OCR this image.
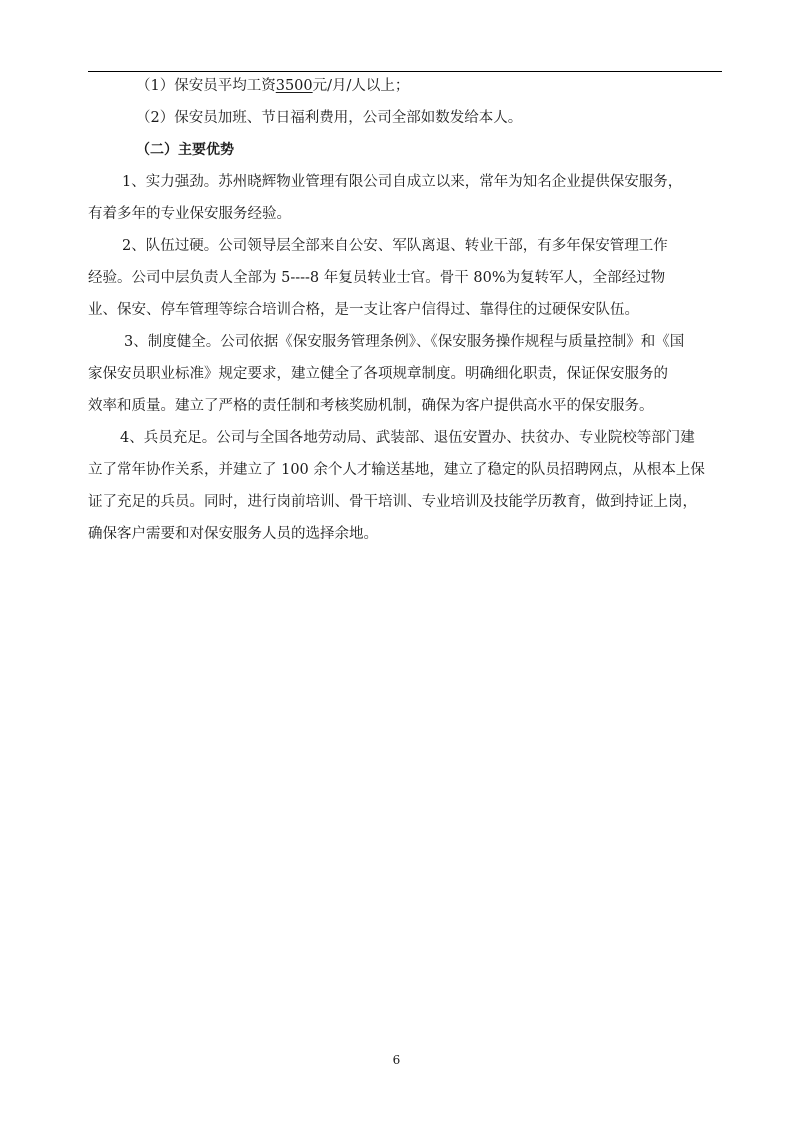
（1）保安员平均工资3500元/月/人以上；
（2）保安员加班、节日福利费用，公司全部如数发给本人。
（二）主要优势
1、实力强劲。苏州晓辉物业管理有限公司自成立以来，常年为知名企业提供保安服务，
有着多年的专业保安服务经验。
2、队伍过硬。公司领导层全部来自公安、军队离退、转业干部，有多年保安管理工作
经验。公司中层负责人全部为 5----8 年复员转业士官。骨干 80%为复转军人，全部经过物
业、保安、停车管理等综合培训合格，是一支让客户信得过、靠得住的过硬保安队伍。
3、制度健全。公司依据《保安服务管理条例》、《保安服务操作规程与质量控制》和《国
家保安员职业标准》规定要求，建立健全了各项规章制度。明确细化职责，保证保安服务的
效率和质量。建立了严格的责任制和考核奖励机制，确保为客户提供高水平的保安服务。
4、兵员充足。公司与全国各地劳动局、武装部、退伍安置办、扶贫办、专业院校等部门建
立了常年协作关系，并建立了 100 余个人才输送基地，建立了稳定的队员招聘网点，从根本上保
证了充足的兵员。同时，进行岗前培训、骨干培训、专业培训及技能学历教育，做到持证上岗，
确保客户需要和对保安服务人员的选择余地。
6
